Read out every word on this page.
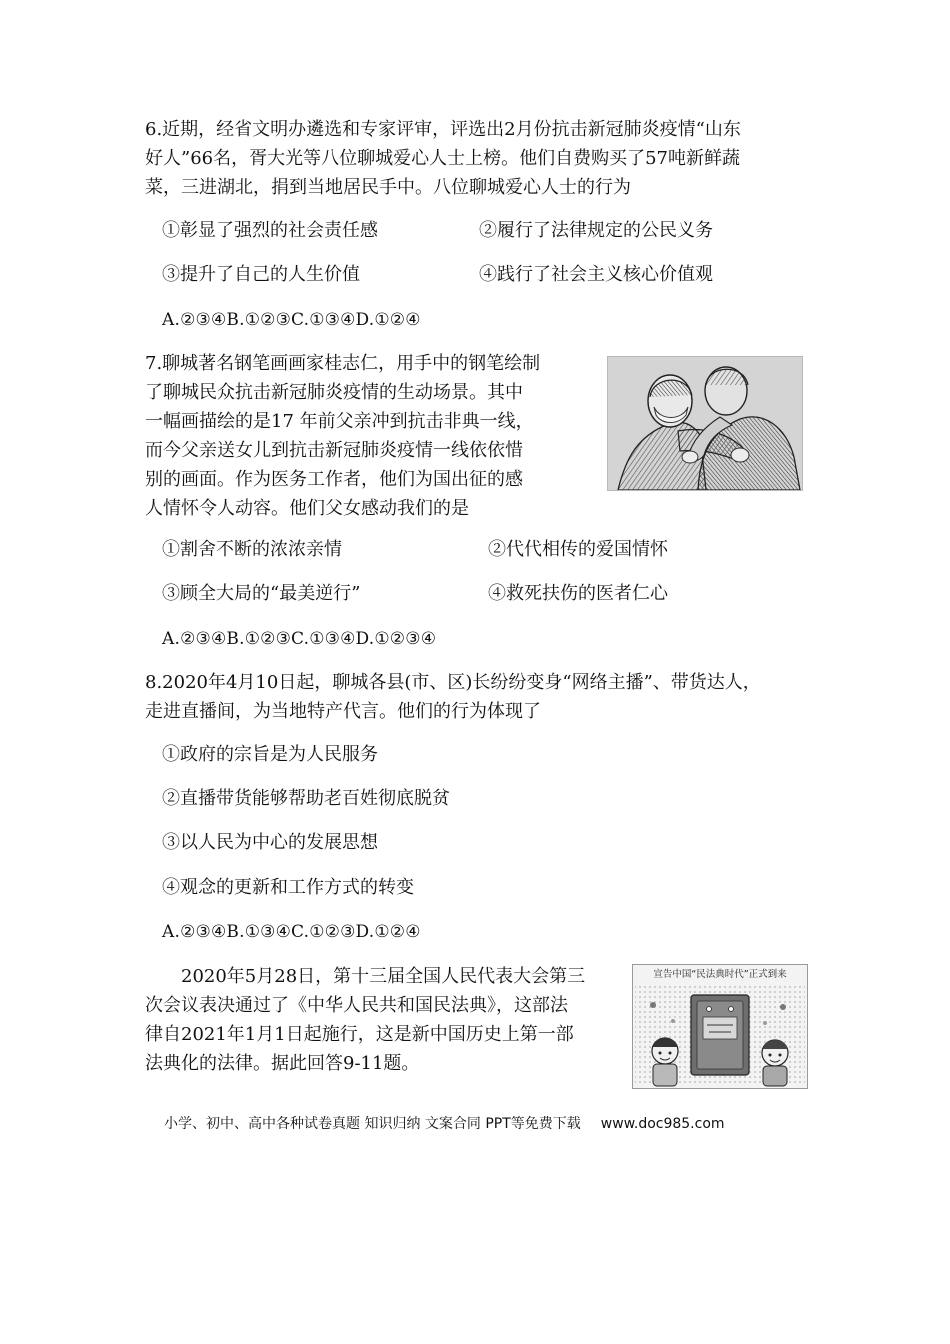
6.近期，经省文明办遴选和专家评审，评选出2月份抗击新冠肺炎疫情“山东
好人”66名，胥大光等八位聊城爱心人士上榜。他们自费购买了57吨新鲜蔬
菜，三进湖北，捐到当地居民手中。八位聊城爱心人士的行为
①彰显了强烈的社会责任感	②履行了法律规定的公民义务
③提升了自己的人生价值	④践行了社会主义核心价值观
A.②③④B.①②③C.①③④D.①②④
7.聊城著名钢笔画画家桂志仁，用手中的钢笔绘制
了聊城民众抗击新冠肺炎疫情的生动场景。其中
一幅画描绘的是17 年前父亲冲到抗击非典一线，
而今父亲送女儿到抗击新冠肺炎疫情一线依依惜
别的画面。作为医务工作者，他们为国出征的感
人情怀令人动容。他们父女感动我们的是
①割舍不断的浓浓亲情	②代代相传的爱国情怀
③顾全大局的“最美逆行”	④救死扶伤的医者仁心
A.②③④B.①②③C.①③④D.①②③④
8.2020年4月10日起，聊城各县(市、区)长纷纷变身“网络主播”、带货达人，
走进直播间，为当地特产代言。他们的行为体现了
①政府的宗旨是为人民服务
②直播带货能够帮助老百姓彻底脱贫
③以人民为中心的发展思想
④观念的更新和工作方式的转变
A.②③④B.①③④C.①②③D.①②④
　　2020年5月28日，第十三届全国人民代表大会第三
次会议表决通过了《中华人民共和国民法典》，这部法
律自2021年1月1日起施行，这是新中国历史上第一部
法典化的法律。据此回答9-11题。
宣告中国“民法典时代”正式到来
小学、初中、高中各种试卷真题 知识归纳 文案合同 PPT等免费下载 www.doc985.com
